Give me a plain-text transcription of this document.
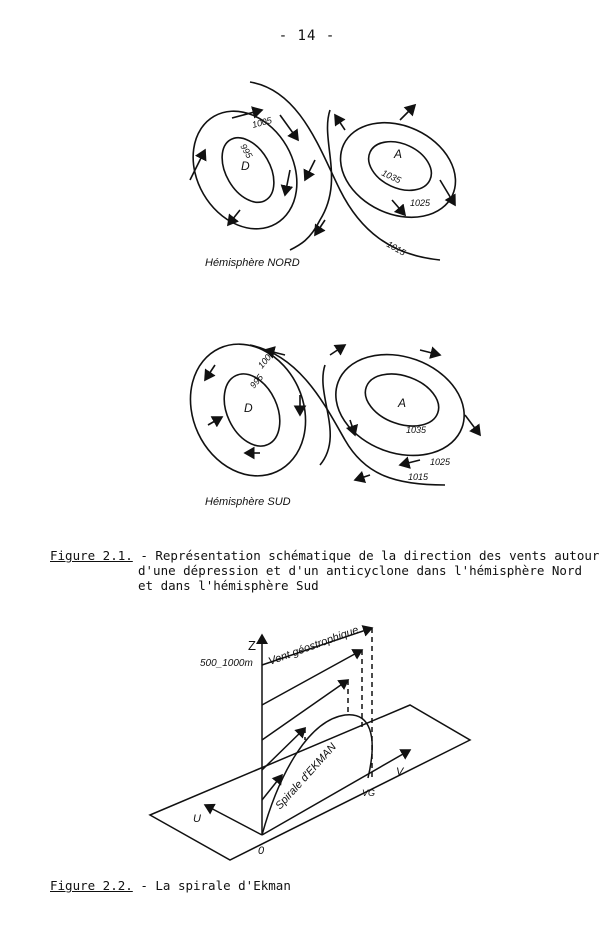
- 14 -
D
A
1005
995
1035
1025
1015
Hémisphère NORD
D	A
1005
995
1035
1025
1015
Hémisphère SUD
Figure 2.1. - Représentation schématique de la direction des vents autour
d'une dépression et d'un anticyclone dans l'hémisphère Nord
et dans l'hémisphère Sud
Z
500_1000m Vent géostrophique
Spirale d'EKMAN	VG
V
U
0
Figure 2.2. - La spirale d'Ekman
